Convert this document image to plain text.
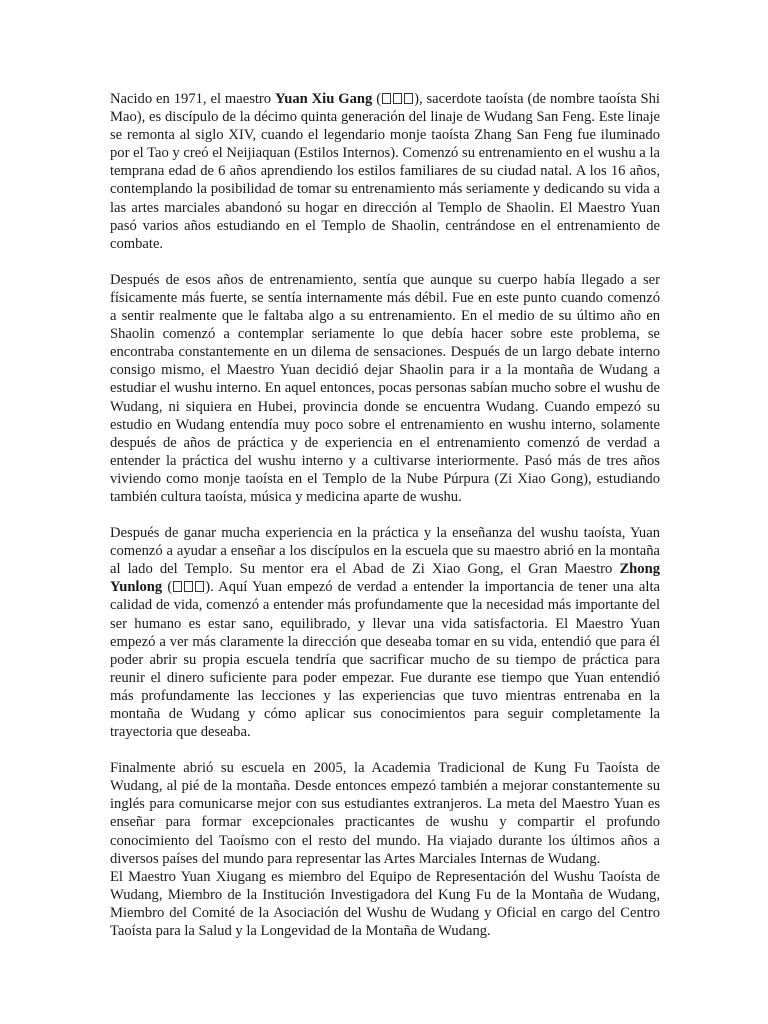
Nacido en 1971, el maestro Yuan Xiu Gang ( ), sacerdote taoísta (de nombre taoísta Shi Mao), es discípulo de la décimo quinta generación del linaje de Wudang San Feng. Este linaje se remonta al siglo XIV, cuando el legendario monje taoísta Zhang San Feng fue iluminado por el Tao y creó el Neijiaquan (Estilos Internos). Comenzó su entrenamiento en el wushu a la temprana edad de 6 años aprendiendo los estilos familiares de su ciudad natal. A los 16 años, contemplando la posibilidad de tomar su entrenamiento más seriamente y dedicando su vida a las artes marciales abandonó su hogar en dirección al Templo de Shaolin. El Maestro Yuan pasó varios años estudiando en el Templo de Shaolin, centrándose en el entrenamiento de combate.

Después de esos años de entrenamiento, sentía que aunque su cuerpo había llegado a ser físicamente más fuerte, se sentía internamente más débil. Fue en este punto cuando comenzó a sentir realmente que le faltaba algo a su entrenamiento. En el medio de su último año en Shaolin comenzó a contemplar seriamente lo que debía hacer sobre este problema, se encontraba constantemente en un dilema de sensaciones. Después de un largo debate interno consigo mismo, el Maestro Yuan decidió dejar Shaolin para ir a la montaña de Wudang a estudiar el wushu interno. En aquel entonces, pocas personas sabían mucho sobre el wushu de Wudang, ni siquiera en Hubei, provincia donde se encuentra Wudang. Cuando empezó su estudio en Wudang entendía muy poco sobre el entrenamiento en wushu interno, solamente después de años de práctica y de experiencia en el entrenamiento comenzó de verdad a entender la práctica del wushu interno y a cultivarse interiormente. Pasó más de tres años viviendo como monje taoísta en el Templo de la Nube Púrpura (Zi Xiao Gong), estudiando también cultura taoísta, música y medicina aparte de wushu.

Después de ganar mucha experiencia en la práctica y la enseñanza del wushu taoísta, Yuan comenzó a ayudar a enseñar a los discípulos en la escuela que su maestro abrió en la montaña al lado del Templo. Su mentor era el Abad de Zi Xiao Gong, el Gran Maestro Zhong Yunlong ( ). Aquí Yuan empezó de verdad a entender la importancia de tener una alta calidad de vida, comenzó a entender más profundamente que la necesidad más importante del ser humano es estar sano, equilibrado, y llevar una vida satisfactoria. El Maestro Yuan empezó a ver más claramente la dirección que deseaba tomar en su vida, entendió que para él poder abrir su propia escuela tendría que sacrificar mucho de su tiempo de práctica para reunir el dinero suficiente para poder empezar. Fue durante ese tiempo que Yuan entendió más profundamente las lecciones y las experiencias que tuvo mientras entrenaba en la montaña de Wudang y cómo aplicar sus conocimientos para seguir completamente la trayectoria que deseaba.

Finalmente abrió su escuela en 2005, la Academia Tradicional de Kung Fu Taoísta de Wudang, al pié de la montaña. Desde entonces empezó también a mejorar constantemente su inglés para comunicarse mejor con sus estudiantes extranjeros. La meta del Maestro Yuan es enseñar para formar excepcionales practicantes de wushu y compartir el profundo conocimiento del Taoísmo con el resto del mundo. Ha viajado durante los últimos años a diversos países del mundo para representar las Artes Marciales Internas de Wudang.

El Maestro Yuan Xiugang es miembro del Equipo de Representación del Wushu Taoísta de Wudang, Miembro de la Institución Investigadora del Kung Fu de la Montaña de Wudang, Miembro del Comité de la Asociación del Wushu de Wudang y Oficial en cargo del Centro Taoísta para la Salud y la Longevidad de la Montaña de Wudang.
